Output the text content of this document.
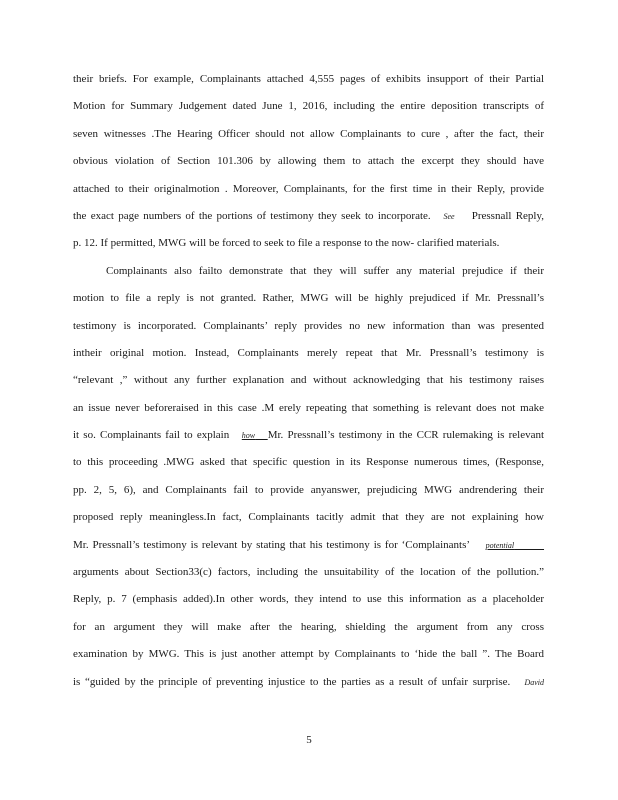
their briefs. For example, Complainants attached 4,555 pages of exhibits insupport of their Partial
Motion for Summary Judgement dated June 1, 2016, including the entire deposition transcripts of
seven witnesses .The Hearing Officer should not allow Complainants to cure , after the fact, their
obvious violation of Section 101.306 by allowing them to attach the excerpt they should have
attached to their originalmotion . Moreover, Complainants, for the first time in their Reply, provide
the exact page numbers of the portions of testimony they seek to incorporate. See Pressnall Reply,
p. 12. If permitted, MWG will be forced to seek to file a response to the now- clarified materials.
Complainants also failto demonstrate that they will suffer any material prejudice if their
motion to file a reply is not granted. Rather, MWG will be highly prejudiced if Mr. Pressnall’s
testimony is incorporated. Complainants’ reply provides no new information than was presented
intheir original motion. Instead, Complainants merely repeat that Mr. Pressnall’s testimony is
“relevant ,” without any further explanation and without acknowledging that his testimony raises
an issue never beforeraised in this case .M erely repeating that something is relevant does not make
it so. Complainants fail to explain how Mr. Pressnall’s testimony in the CCR rulemaking is relevant
to this proceeding .MWG asked that specific question in its Response numerous times, (Response,
pp. 2, 5, 6), and Complainants fail to provide anyanswer, prejudicing MWG andrendering their
proposed reply meaningless.In fact, Complainants tacitly admit that they are not explaining how
Mr. Pressnall’s testimony is relevant by stating that his testimony is for ‘Complainants’ potential
arguments about Section33(c) factors, including the unsuitability of the location of the pollution.”
Reply, p. 7 (emphasis added).In other words, they intend to use this information as a placeholder
for an argument they will make after the hearing, shielding the argument from any cross
examination by MWG. This is just another attempt by Complainants to ‘hide the ball ”. The Board
is “guided by the principle of preventing injustice to the parties as a result of unfair surprise. David
5
